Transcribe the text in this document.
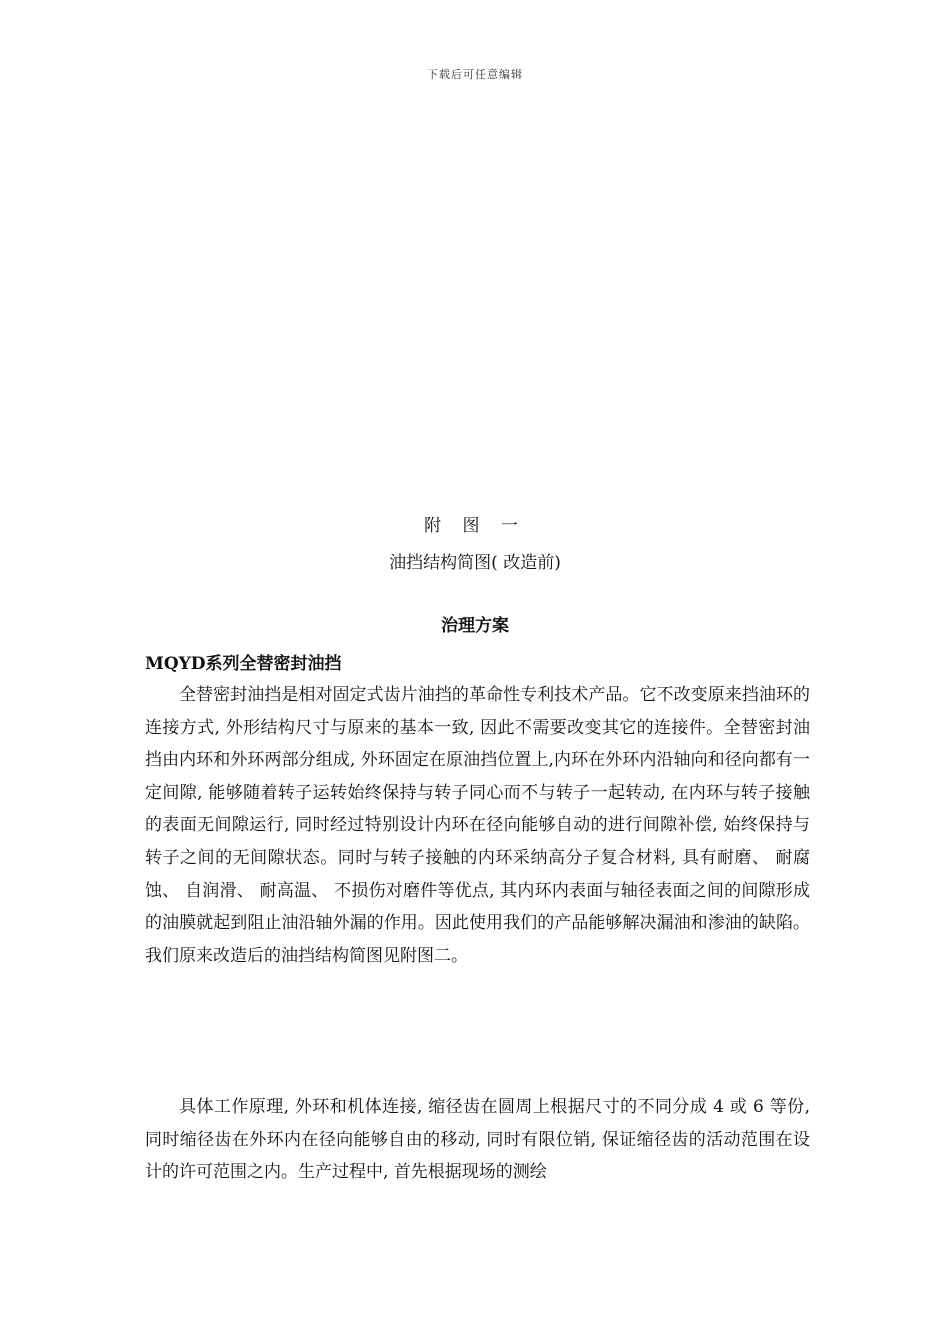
下载后可任意编辑
附 图 一
油挡结构简图( 改造前)
治理方案
MQYD系列全替密封油挡

全替密封油挡是相对固定式齿片油挡的革命性专利技术产品。它不改变原来挡油环的连接方式, 外形结构尺寸与原来的基本一致, 因此不需要改变其它的连接件。全替密封油挡由内环和外环两部分组成, 外环固定在原油挡位置上,内环在外环内沿轴向和径向都有一定间隙, 能够随着转子运转始终保持与转子同心而不与转子一起转动, 在内环与转子接触的表面无间隙运行, 同时经过特别设计内环在径向能够自动的进行间隙补偿, 始终保持与转子之间的无间隙状态。同时与转子接触的内环采纳高分子复合材料, 具有耐磨、 耐腐蚀、 自润滑、 耐高温、 不损伤对磨件等优点, 其内环内表面与轴径表面之间的间隙形成的油膜就起到阻止油沿轴外漏的作用。因此使用我们的产品能够解决漏油和渗油的缺陷。我们原来改造后的油挡结构简图见附图二。

具体工作原理, 外环和机体连接, 缩径齿在圆周上根据尺寸的不同分成 4 或 6 等份, 同时缩径齿在外环内在径向能够自由的移动, 同时有限位销, 保证缩径齿的活动范围在设计的许可范围之内。生产过程中, 首先根据现场的测绘
